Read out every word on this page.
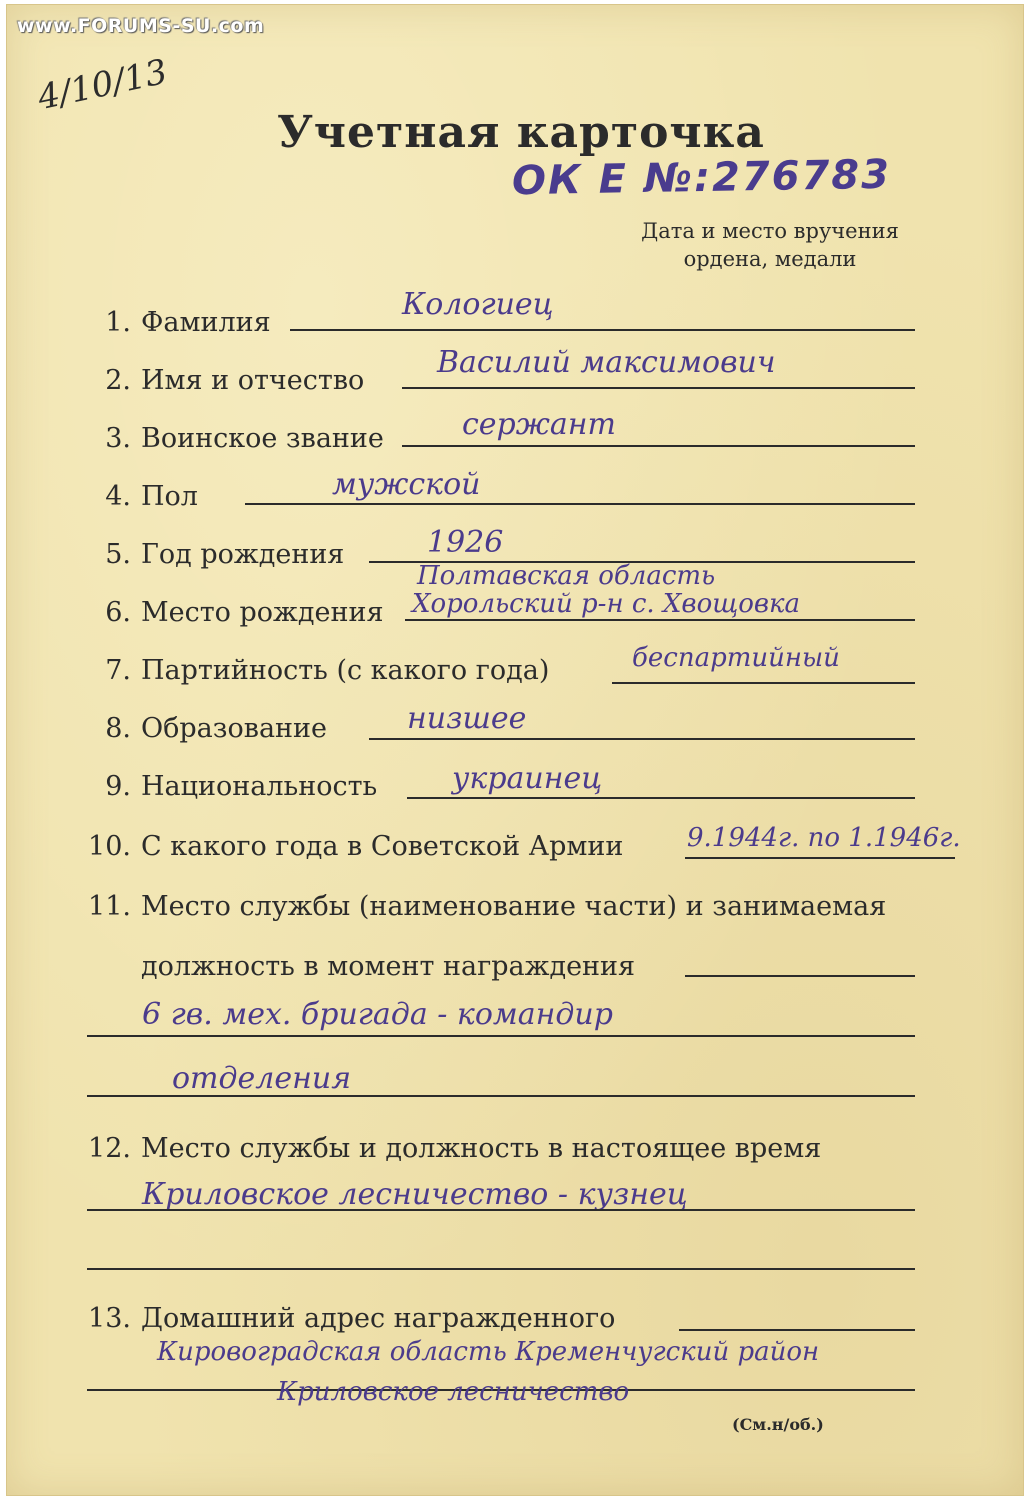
www.FORUMS-SU.com
4/10/13
Учетная карточка
ОК Е №:276783
Дата и место вручения
ордена, медали
1. Фамилия
Кологиец
2. Имя и отчество
Василий максимович
3. Воинское звание	сержант
4. Пол	мужской
5. Год рождения	1926
6. Место рождения
Полтавская область
Хорольский р-н с. Хвощовка
7. Партийность (с какого года)	беспартийный
8. Образование	низшее
9. Национальность украинец
10. С какого года в Советской Армии 9.1944г. по 1.1946г.
11. Место службы (наименование части) и занимаемая
должность в момент награждения
6 гв. мех. бригада - командир
отделения
12. Место службы и должность в настоящее время
Криловское лесничество - кузнец
13. Домашний адрес награжденного
Кировоградская область Кременчугский район
Криловское лесничество
(См.н/об.)
